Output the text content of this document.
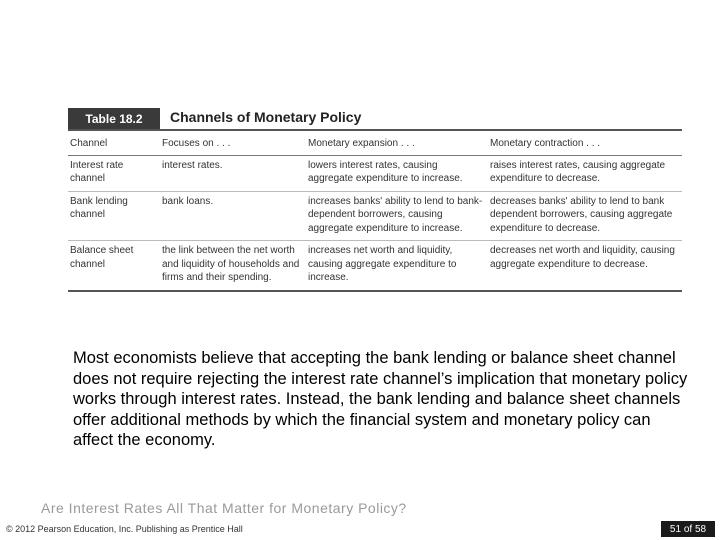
Table 18.2	Channels of Monetary Policy
Channel	Focuses on . . .	Monetary expansion . . .	Monetary contraction . . .
Interest rate channel	interest rates.	lowers interest rates, causing aggregate expenditure to increase.	raises interest rates, causing aggregate expenditure to decrease.
Bank lending channel	bank loans.	increases banks' ability to lend to bank-dependent borrowers, causing aggregate expenditure to increase.	decreases banks' ability to lend to bank dependent borrowers, causing aggregate expenditure to decrease.
Balance sheet channel	the link between the net worth and liquidity of households and firms and their spending.	increases net worth and liquidity, causing aggregate expenditure to increase.	decreases net worth and liquidity, causing aggregate expenditure to decrease.
Most economists believe that accepting the bank lending or balance sheet channel does not require rejecting the interest rate channel’s implication that monetary policy works through interest rates. Instead, the bank lending and balance sheet channels offer additional methods by which the financial system and monetary policy can affect the economy.
Are Interest Rates All That Matter for Monetary Policy?
© 2012 Pearson Education, Inc. Publishing as Prentice Hall	51 of 58
